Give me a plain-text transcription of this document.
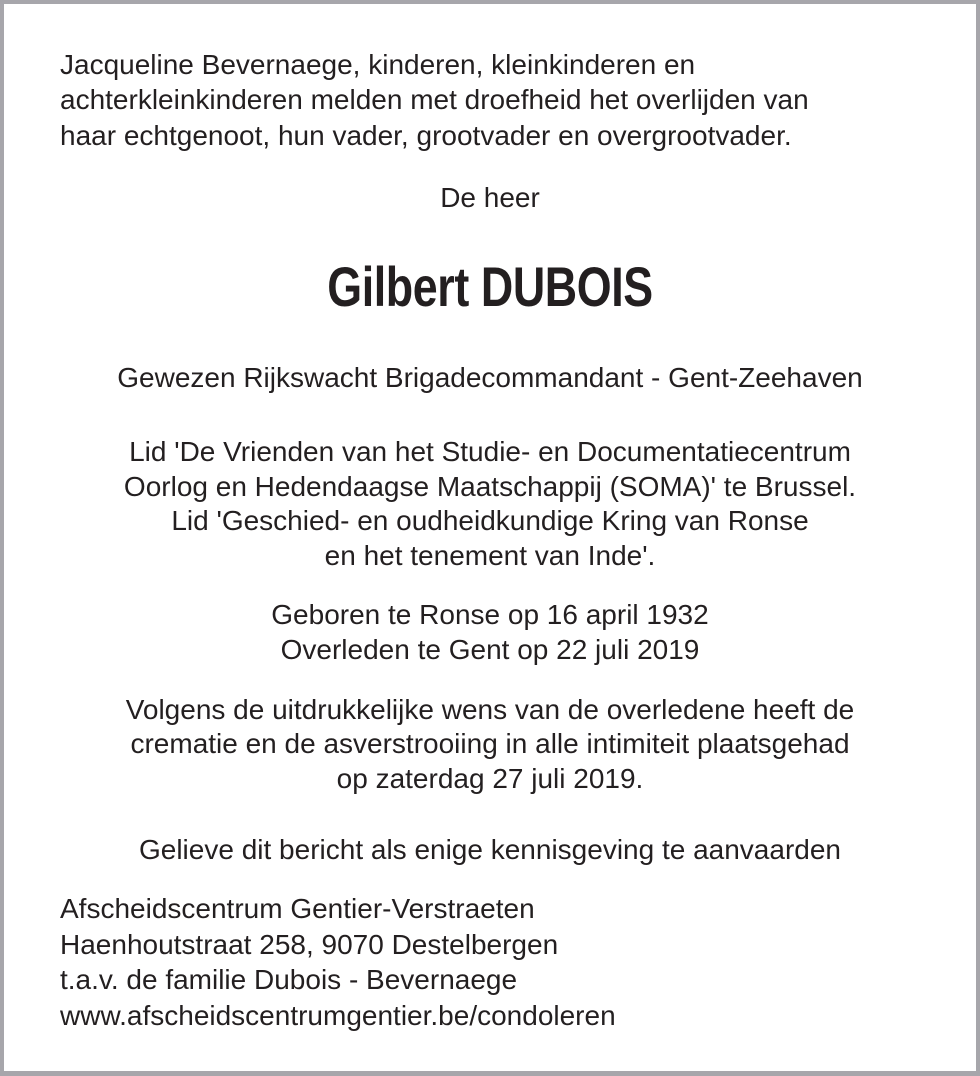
Jacqueline Bevernaege, kinderen, kleinkinderen en
achterkleinkinderen melden met droefheid het overlijden van
haar echtgenoot, hun vader, grootvader en overgrootvader.
De heer
Gilbert DUBOIS
Gewezen Rijkswacht Brigadecommandant - Gent-Zeehaven
Lid 'De Vrienden van het Studie- en Documentatiecentrum
Oorlog en Hedendaagse Maatschappij (SOMA)' te Brussel.
Lid 'Geschied- en oudheidkundige Kring van Ronse
en het tenement van Inde'.
Geboren te Ronse op 16 april 1932
Overleden te Gent op 22 juli 2019
Volgens de uitdrukkelijke wens van de overledene heeft de
crematie en de asverstrooiing in alle intimiteit plaatsgehad
op zaterdag 27 juli 2019.
Gelieve dit bericht als enige kennisgeving te aanvaarden
Afscheidscentrum Gentier-Verstraeten
Haenhoutstraat 258, 9070 Destelbergen
t.a.v. de familie Dubois - Bevernaege
www.afscheidscentrumgentier.be/condoleren
